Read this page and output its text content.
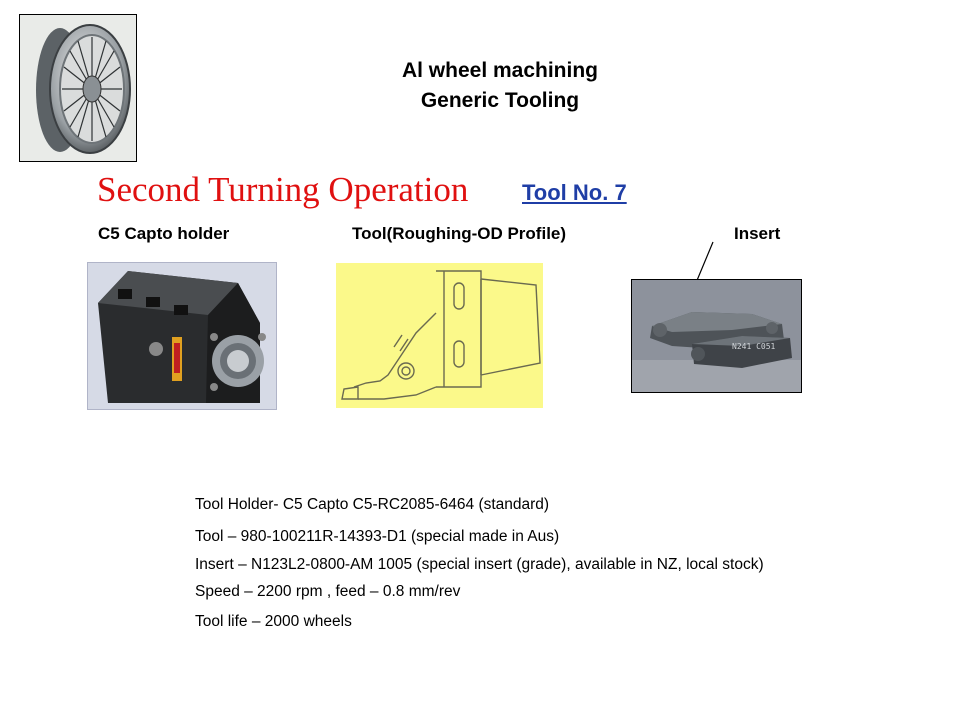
Al wheel machining
Generic Tooling
Second Turning Operation Tool No. 7
C5 Capto holder	Tool(Roughing-OD Profile)	Insert
N241 C051
Tool Holder- C5 Capto C5-RC2085-6464 (standard)
Tool – 980-100211R-14393-D1 (special made in Aus)
Insert – N123L2-0800-AM 1005 (special insert (grade), available in NZ, local stock)
Speed – 2200 rpm , feed – 0.8 mm/rev
Tool life – 2000 wheels
